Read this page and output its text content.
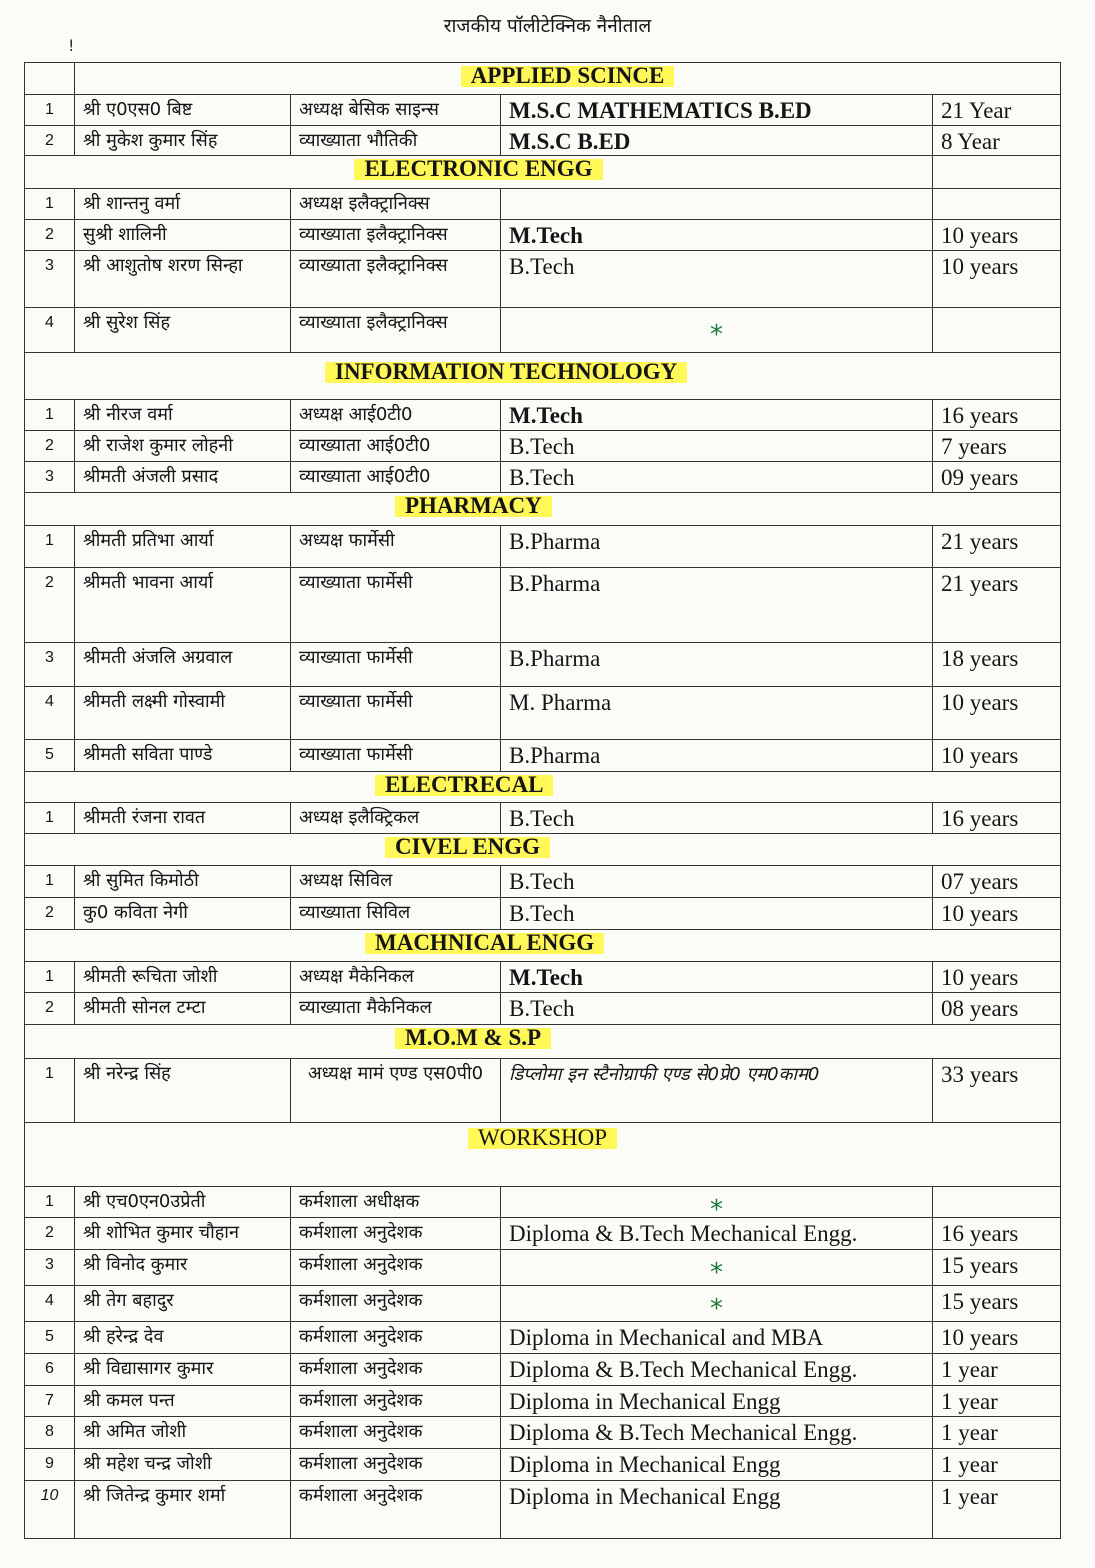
राजकीय पॉलीटेक्निक नैनीताल
!
	APPLIED SCINCE			
1	श्री ए0एस0 बिष्ट	अध्यक्ष बेसिक साइन्स	M.S.C MATHEMATICS B.ED	21 Year
2	श्री मुकेश कुमार सिंह	व्याख्याता भौतिकी	M.S.C B.ED	8 Year
ELECTRONIC ENGG				
1	श्री शान्तनु वर्मा	अध्यक्ष इलैक्ट्रानिक्स		
2	सुश्री शालिनी	व्याख्याता इलैक्ट्रानिक्स	M.Tech	10 years
3	श्री आशुतोष शरण सिन्हा	व्याख्याता इलैक्ट्रानिक्स	B.Tech	10 years
4	श्री सुरेश सिंह	व्याख्याता इलैक्ट्रानिक्स	⁎	

INFORMATION TECHNOLOGY				
1	श्री नीरज वर्मा	अध्यक्ष आई0टी0	M.Tech	16 years
2	श्री राजेश कुमार लोहनी	व्याख्याता आई0टी0	B.Tech	7 years
3	श्रीमती अंजली प्रसाद	व्याख्याता आई0टी0	B.Tech	09 years
PHARMACY				
1	श्रीमती प्रतिभा आर्या	अध्यक्ष फार्मेसी	B.Pharma	21 years
2	श्रीमती भावना आर्या	व्याख्याता फार्मेसी	B.Pharma	21 years
3	श्रीमती अंजलि अग्रवाल	व्याख्याता फार्मेसी	B.Pharma	18 years
4	श्रीमती लक्ष्मी गोस्वामी	व्याख्याता फार्मेसी	M. Pharma	10 years
5	श्रीमती सविता पाण्डे	व्याख्याता फार्मेसी	B.Pharma	10 years
ELECTRECAL				
1	श्रीमती रंजना रावत	अध्यक्ष इलैक्ट्रिकल	B.Tech	16 years
CIVEL ENGG				
1	श्री सुमित किमोठी	अध्यक्ष सिविल	B.Tech	07 years
2	कु0 कविता नेगी	व्याख्याता सिविल	B.Tech	10 years
MACHNICAL ENGG				
1	श्रीमती रूचिता जोशी	अध्यक्ष मैकेनिकल	M.Tech	10 years
2	श्रीमती सोनल टम्टा	व्याख्याता मैकेनिकल	B.Tech	08 years
M.O.M & S.P				
1	श्री नरेन्द्र सिंह	अध्यक्ष मामं एण्ड एस0पी0	डिप्लोमा इन स्टैनोग्राफी एण्ड से0प्रे0 एम0काम0	33 years
WORKSHOP				
1	श्री एच0एन0उप्रेती	कर्मशाला अधीक्षक	⁎	

2	श्री शोभित कुमार चौहान	कर्मशाला अनुदेशक	Diploma & B.Tech Mechanical Engg.	16 years
3	श्री विनोद कुमार	कर्मशाला अनुदेशक	⁎	15 years
4	श्री तेग बहादुर	कर्मशाला अनुदेशक	⁎	15 years
5	श्री हरेन्द्र देव	कर्मशाला अनुदेशक	Diploma in Mechanical and MBA	10 years
6	श्री विद्यासागर कुमार	कर्मशाला अनुदेशक	Diploma & B.Tech Mechanical Engg.	1 year
7	श्री कमल पन्त	कर्मशाला अनुदेशक	Diploma in Mechanical Engg	1 year
8	श्री अमित जोशी	कर्मशाला अनुदेशक	Diploma & B.Tech Mechanical Engg.	1 year
9	श्री महेश चन्द्र जोशी	कर्मशाला अनुदेशक	Diploma in Mechanical Engg	1 year
10	श्री जितेन्द्र कुमार शर्मा	कर्मशाला अनुदेशक	Diploma in Mechanical Engg	1 year
